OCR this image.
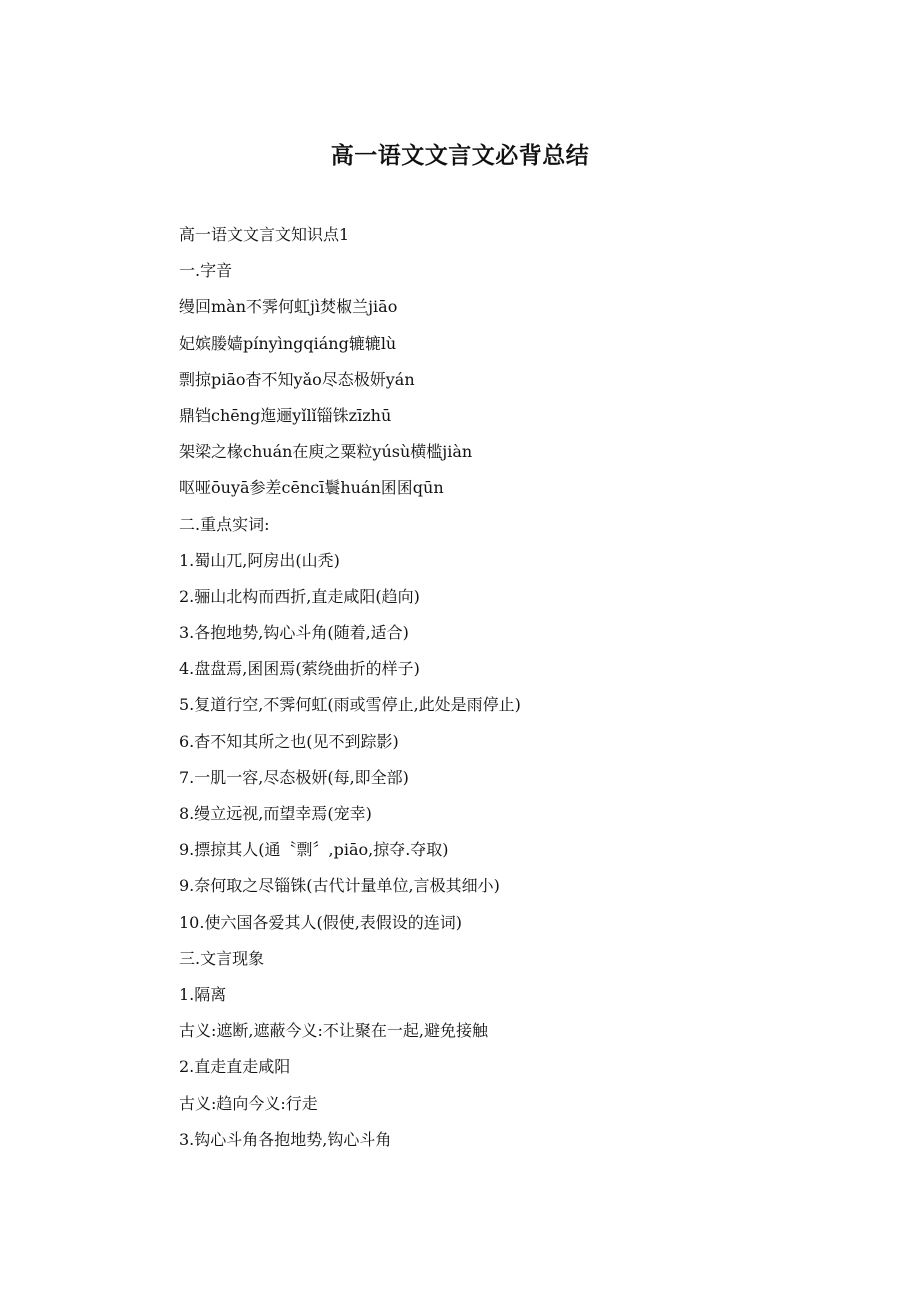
高一语文文言文必背总结
高一语文文言文知识点1
一.字音
缦回màn不霁何虹jì焚椒兰jiāo
妃嫔媵嫱pínyìngqiáng辘辘lù
剽掠piāo杳不知yǎo尽态极妍yán
鼎铛chēng迤逦yǐlǐ锱铢zīzhū
架梁之椽chuán在庾之粟粒yúsù横槛jiàn
呕哑ōuyā参差cēncī鬟huán囷囷qūn
二.重点实词:
1.蜀山兀,阿房出(山秃)
2.骊山北构而西折,直走咸阳(趋向)
3.各抱地势,钩心斗角(随着,适合)
4.盘盘焉,囷囷焉(萦绕曲折的样子)
5.复道行空,不霁何虹(雨或雪停止,此处是雨停止)
6.杳不知其所之也(见不到踪影)
7.一肌一容,尽态极妍(每,即全部)
8.缦立远视,而望幸焉(宠幸)
9.摽掠其人(通〝剽〞,piāo,掠夺.夺取)
9.奈何取之尽锱铢(古代计量单位,言极其细小)
10.使六国各爱其人(假使,表假设的连词)
三.文言现象
1.隔离
古义:遮断,遮蔽今义:不让聚在一起,避免接触
2.直走直走咸阳
古义:趋向今义:行走
3.钩心斗角各抱地势,钩心斗角
